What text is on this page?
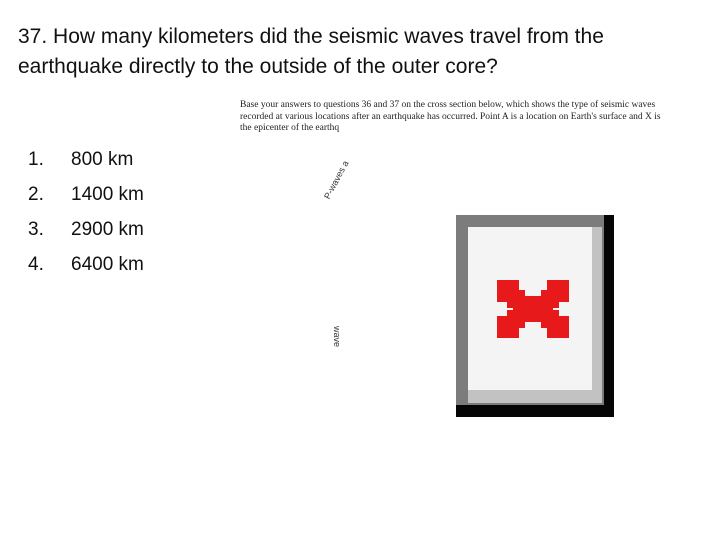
37. How many kilometers did the seismic waves travel from the earthquake directly to the outside of the outer core?
1.	800 km
2.	1400 km
3.	2900 km
4.	6400 km
Base your answers to questions 36 and 37 on the cross section below, which shows the type of seismic waves
recorded at various locations after an earthquake has occurred. Point A is a location on Earth's surface and X is
the epicenter of the earthq
P-waves a
wave
